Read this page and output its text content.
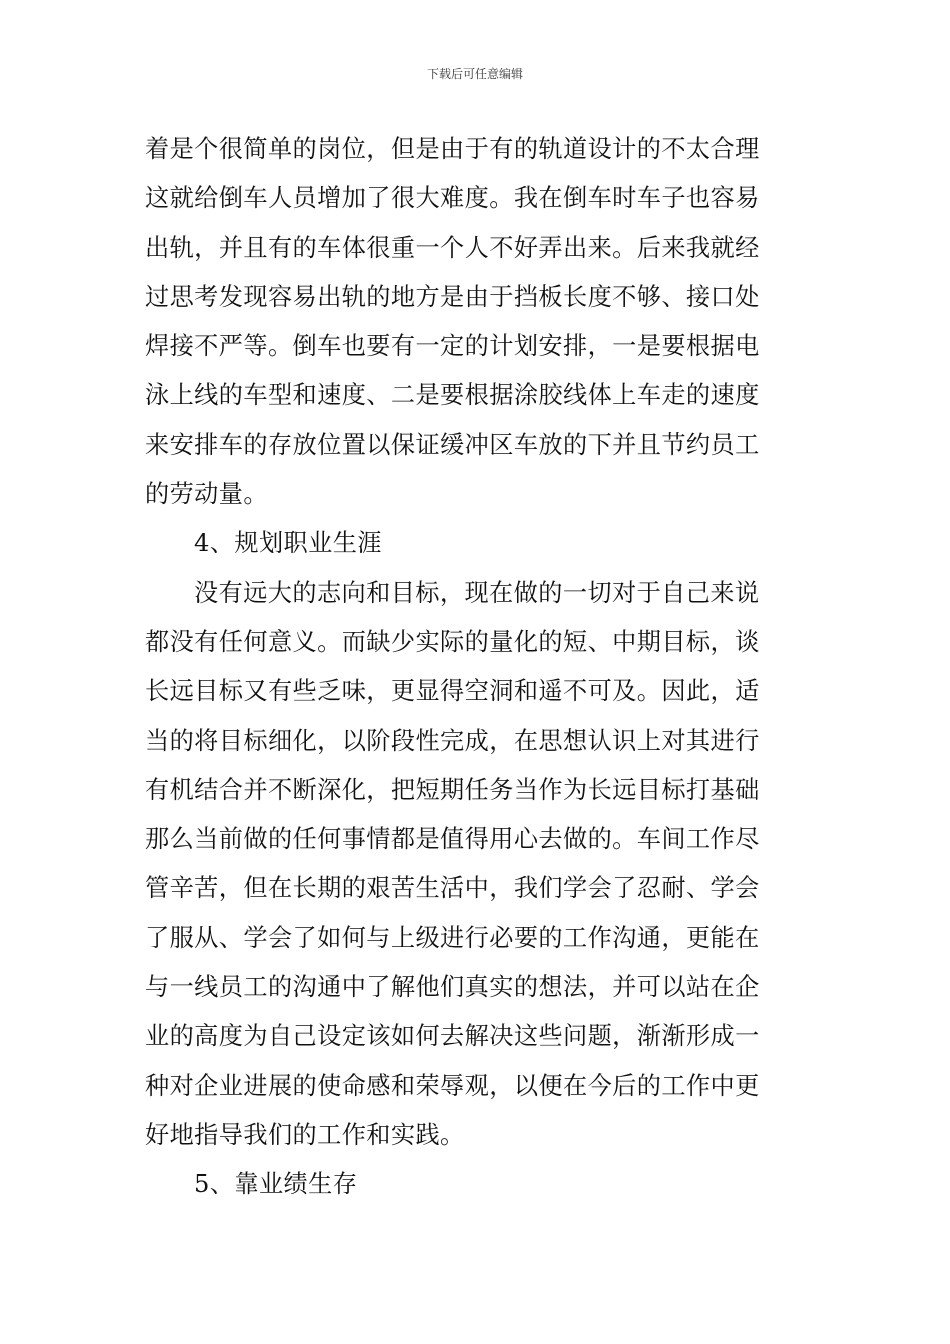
下载后可任意编辑
着是个很简单的岗位，但是由于有的轨道设计的不太合理
这就给倒车人员增加了很大难度。我在倒车时车子也容易
出轨，并且有的车体很重一个人不好弄出来。后来我就经
过思考发现容易出轨的地方是由于挡板长度不够、接口处
焊接不严等。倒车也要有一定的计划安排，一是要根据电
泳上线的车型和速度、二是要根据涂胶线体上车走的速度
来安排车的存放位置以保证缓冲区车放的下并且节约员工
的劳动量。
4、规划职业生涯
没有远大的志向和目标，现在做的一切对于自己来说
都没有任何意义。而缺少实际的量化的短、中期目标，谈
长远目标又有些乏味，更显得空洞和遥不可及。因此，适
当的将目标细化，以阶段性完成，在思想认识上对其进行
有机结合并不断深化，把短期任务当作为长远目标打基础
那么当前做的任何事情都是值得用心去做的。车间工作尽
管辛苦，但在长期的艰苦生活中，我们学会了忍耐、学会
了服从、学会了如何与上级进行必要的工作沟通，更能在
与一线员工的沟通中了解他们真实的想法，并可以站在企
业的高度为自己设定该如何去解决这些问题，渐渐形成一
种对企业进展的使命感和荣辱观，以便在今后的工作中更
好地指导我们的工作和实践。
5、靠业绩生存
